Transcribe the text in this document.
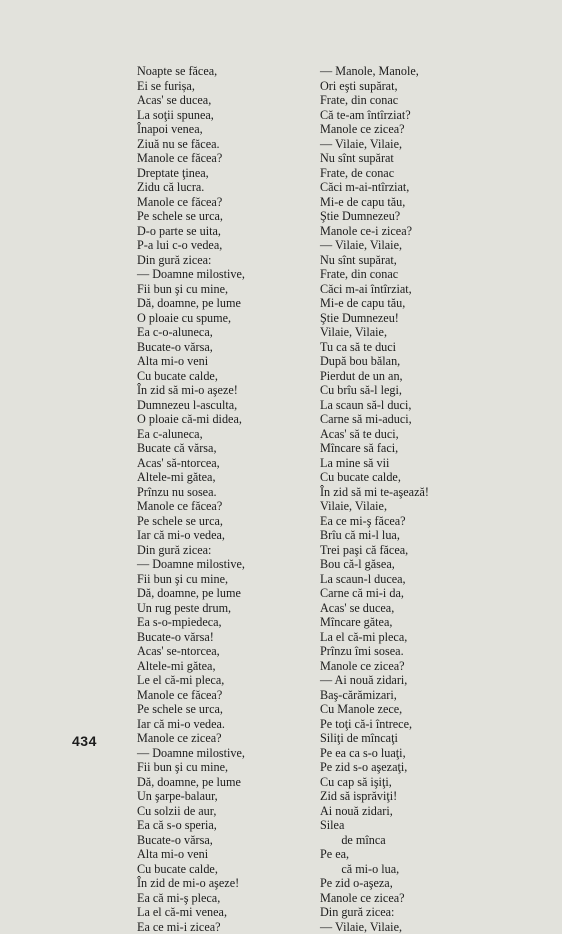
Noapte se făcea,
Ei se furișa,
Acas' se ducea,
La soţii spunea,
Înapoi venea,
Ziuă nu se făcea.
Manole ce făcea?
Dreptate ţinea,
Zidu că lucra.
Manole ce făcea?
Pe schele se urca,
D-o parte se uita,
P-a lui c-o vedea,
Din gură zicea:
— Doamne milostive,
Fii bun şi cu mine,
Dă, doamne, pe lume
O ploaie cu spume,
Ea c-o-aluneca,
Bucate-o vărsa,
Alta mi-o veni
Cu bucate calde,
În zid să mi-o aşeze!
Dumnezeu l-asculta,
O ploaie că-mi didea,
Ea c-aluneca,
Bucate că vărsa,
Acas' să-ntorcea,
Altele-mi gătea,
Prînzu nu sosea.
Manole ce făcea?
Pe schele se urca,
Iar că mi-o vedea,
Din gură zicea:
— Doamne milostive,
Fii bun şi cu mine,
Dă, doamne, pe lume
Un rug peste drum,
Ea s-o-mpiedeca,
Bucate-o vărsa!
Acas' se-ntorcea,
Altele-mi gătea,
Le el că-mi pleca,
Manole ce făcea?
Pe schele se urca,
Iar că mi-o vedea.
Manole ce zicea?
— Doamne milostive,
Fii bun şi cu mine,
Dă, doamne, pe lume
Un şarpe-balaur,
Cu solzii de aur,
Ea că s-o speria,
Bucate-o vărsa,
Alta mi-o veni
Cu bucate calde,
În zid de mi-o aşeze!
Ea că mi-ş pleca,
La el că-mi venea,
Ea ce mi-i zicea?
— Manole, Manole,
Ori eşti supărat,
Frate, din conac
Că te-am întîrziat?
Manole ce zicea?
— Vilaie, Vilaie,
Nu sînt supărat
Frate, de conac
Căci m-ai-ntîrziat,
Mi-e de capu tău,
Ştie Dumnezeu?
Manole ce-i zicea?
— Vilaie, Vilaie,
Nu sînt supărat,
Frate, din conac
Căci m-ai întîrziat,
Mi-e de capu tău,
Ştie Dumnezeu!
Vilaie, Vilaie,
Tu ca să te duci
După bou bălan,
Pierdut de un an,
Cu brîu să-l legi,
La scaun să-l duci,
Carne să mi-aduci,
Acas' să te duci,
Mîncare să faci,
La mine să vii
Cu bucate calde,
În zid să mi te-aşează!
Vilaie, Vilaie,
Ea ce mi-ş făcea?
Brîu că mi-l lua,
Trei paşi că făcea,
Bou că-l găsea,
La scaun-l ducea,
Carne că mi-i da,
Acas' se ducea,
Mîncare gătea,
La el că-mi pleca,
Prînzu îmi sosea.
Manole ce zicea?
— Ai nouă zidari,
Baş-cărămizari,
Cu Manole zece,
Pe toţi că-i întrece,
Siliţi de mîncaţi
Pe ea ca s-o luaţi,
Pe zid s-o aşezaţi,
Cu cap să işiţi,
Zid să isprăviţi!
Ai nouă zidari,
Silea
de mînca
Pe ea,
că mi-o lua,
Pe zid o-aşeza,
Manole ce zicea?
Din gură zicea:
— Vilaie, Vilaie,
434
